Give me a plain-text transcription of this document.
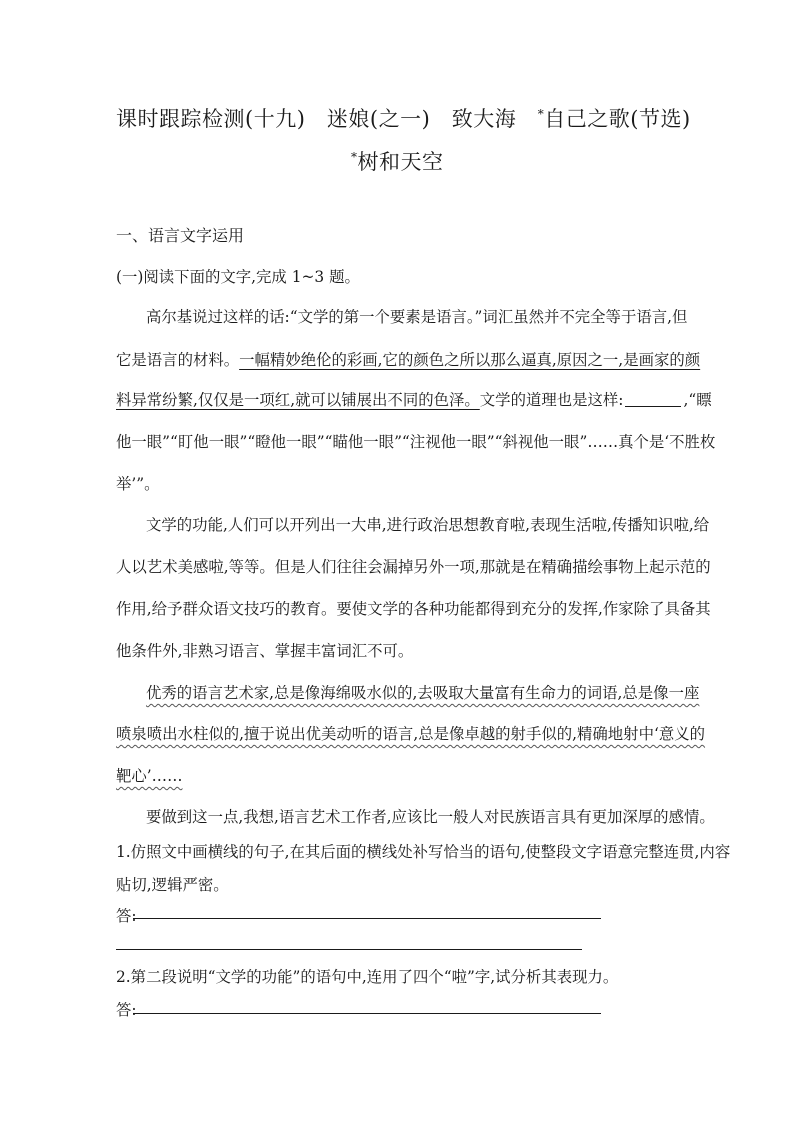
课时跟踪检测(十九)　迷娘(之一)　致大海　*自己之歌(节选)
*树和天空
一、语言文字运用
(一)阅读下面的文字,完成 1~3 题。
高尔基说过这样的话:“文学的第一个要素是语言。”词汇虽然并不完全等于语言,但
它是语言的材料。一幅精妙绝伦的彩画,它的颜色之所以那么逼真,原因之一,是画家的颜
料异常纷繁,仅仅是一项红,就可以铺展出不同的色泽。文学的道理也是这样:	,“瞟
他一眼”“盯他一眼”“瞪他一眼”“瞄他一眼”“注视他一眼”“斜视他一眼”……真个是‘不胜枚
举’”。
文学的功能,人们可以开列出一大串,进行政治思想教育啦,表现生活啦,传播知识啦,给
人以艺术美感啦,等等。但是人们往往会漏掉另外一项,那就是在精确描绘事物上起示范的
作用,给予群众语文技巧的教育。要使文学的各种功能都得到充分的发挥,作家除了具备其
他条件外,非熟习语言、掌握丰富词汇不可。
优秀的语言艺术家,总是像海绵吸水似的,去吸取大量富有生命力的词语,总是像一座
喷泉喷出水柱似的,擅于说出优美动听的语言,总是像卓越的射手似的,精确地射中‘意义的
靶心’……
要做到这一点,我想,语言艺术工作者,应该比一般人对民族语言具有更加深厚的感情。
1.仿照文中画横线的句子,在其后面的横线处补写恰当的语句,使整段文字语意完整连贯,内容
贴切,逻辑严密。
答:
2.第二段说明“文学的功能”的语句中,连用了四个“啦”字,试分析其表现力。
答:
